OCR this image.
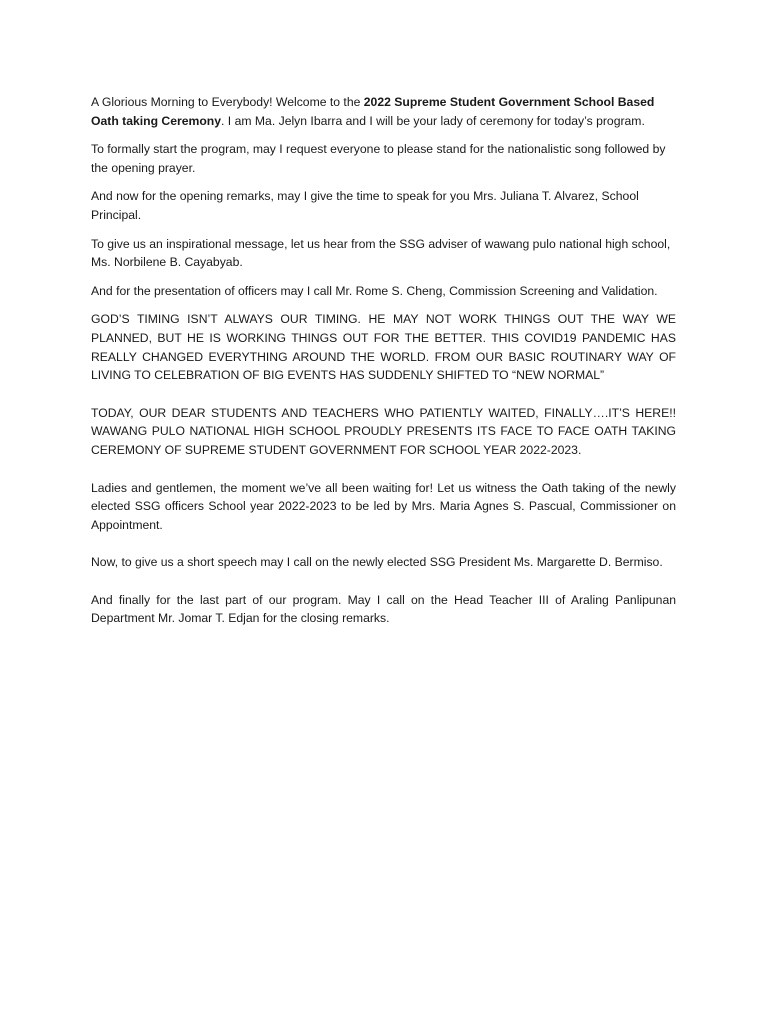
A Glorious Morning to Everybody! Welcome to the 2022 Supreme Student Government School Based Oath taking Ceremony. I am Ma. Jelyn Ibarra and I will be your lady of ceremony for today’s program.

To formally start the program, may I request everyone to please stand for the nationalistic song followed by the opening prayer.

And now for the opening remarks, may I give the time to speak for you Mrs. Juliana T. Alvarez, School Principal.

To give us an inspirational message, let us hear from the SSG adviser of wawang pulo national high school, Ms. Norbilene B. Cayabyab.

And for the presentation of officers may I call Mr. Rome S. Cheng, Commission Screening and Validation.

GOD’S TIMING ISN’T ALWAYS OUR TIMING. HE MAY NOT WORK THINGS OUT THE WAY WE PLANNED, BUT HE IS WORKING THINGS OUT FOR THE BETTER. THIS COVID19 PANDEMIC HAS REALLY CHANGED EVERYTHING AROUND THE WORLD. FROM OUR BASIC ROUTINARY WAY OF LIVING TO CELEBRATION OF BIG EVENTS HAS SUDDENLY SHIFTED TO “NEW NORMAL”

TODAY, OUR DEAR STUDENTS AND TEACHERS WHO PATIENTLY WAITED, FINALLY….IT’S HERE!! WAWANG PULO NATIONAL HIGH SCHOOL PROUDLY PRESENTS ITS FACE TO FACE OATH TAKING CEREMONY OF SUPREME STUDENT GOVERNMENT FOR SCHOOL YEAR 2022-2023.

Ladies and gentlemen, the moment we’ve all been waiting for! Let us witness the Oath taking of the newly elected SSG officers School year 2022-2023 to be led by Mrs. Maria Agnes S. Pascual, Commissioner on Appointment.

Now, to give us a short speech may I call on the newly elected SSG President Ms. Margarette D. Bermiso.

And finally for the last part of our program. May I call on the Head Teacher III of Araling Panlipunan Department Mr. Jomar T. Edjan for the closing remarks.
